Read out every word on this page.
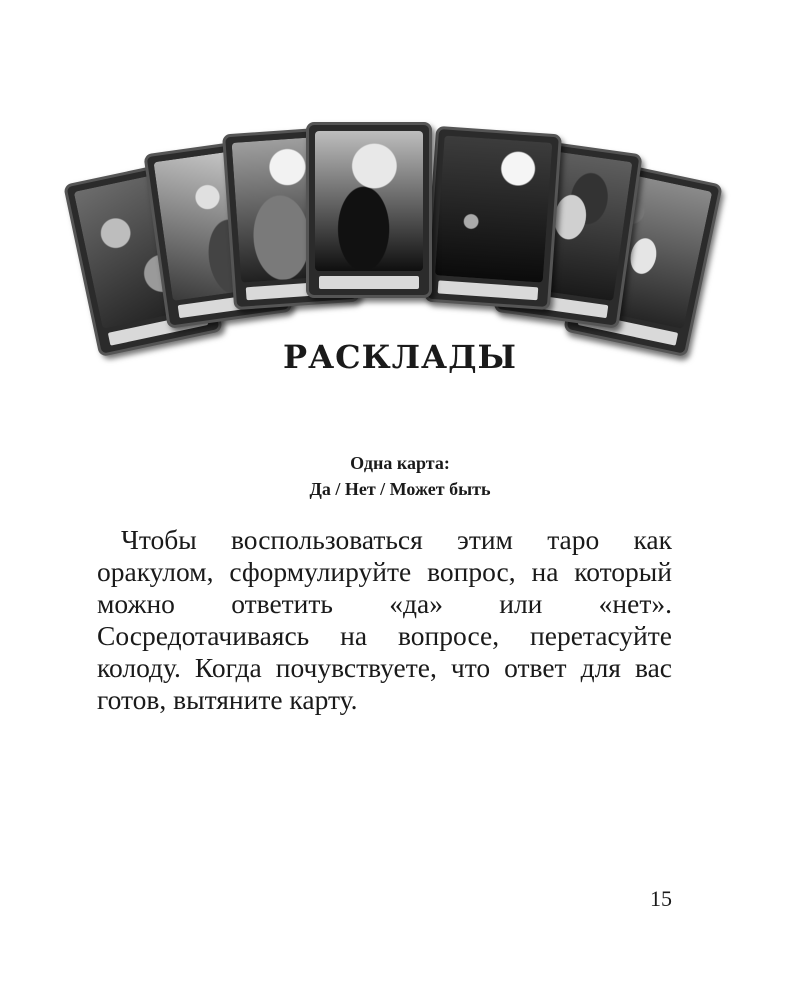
РАСКЛАДЫ
Одна карта:
Да / Нет / Может быть

Чтобы воспользоваться этим таро как оракулом, сформулируйте вопрос, на который можно ответить «да» или «нет». Сосредотачиваясь на вопросе, перетасуйте колоду. Когда почувствуете, что ответ для вас готов, вытяните карту.

15
